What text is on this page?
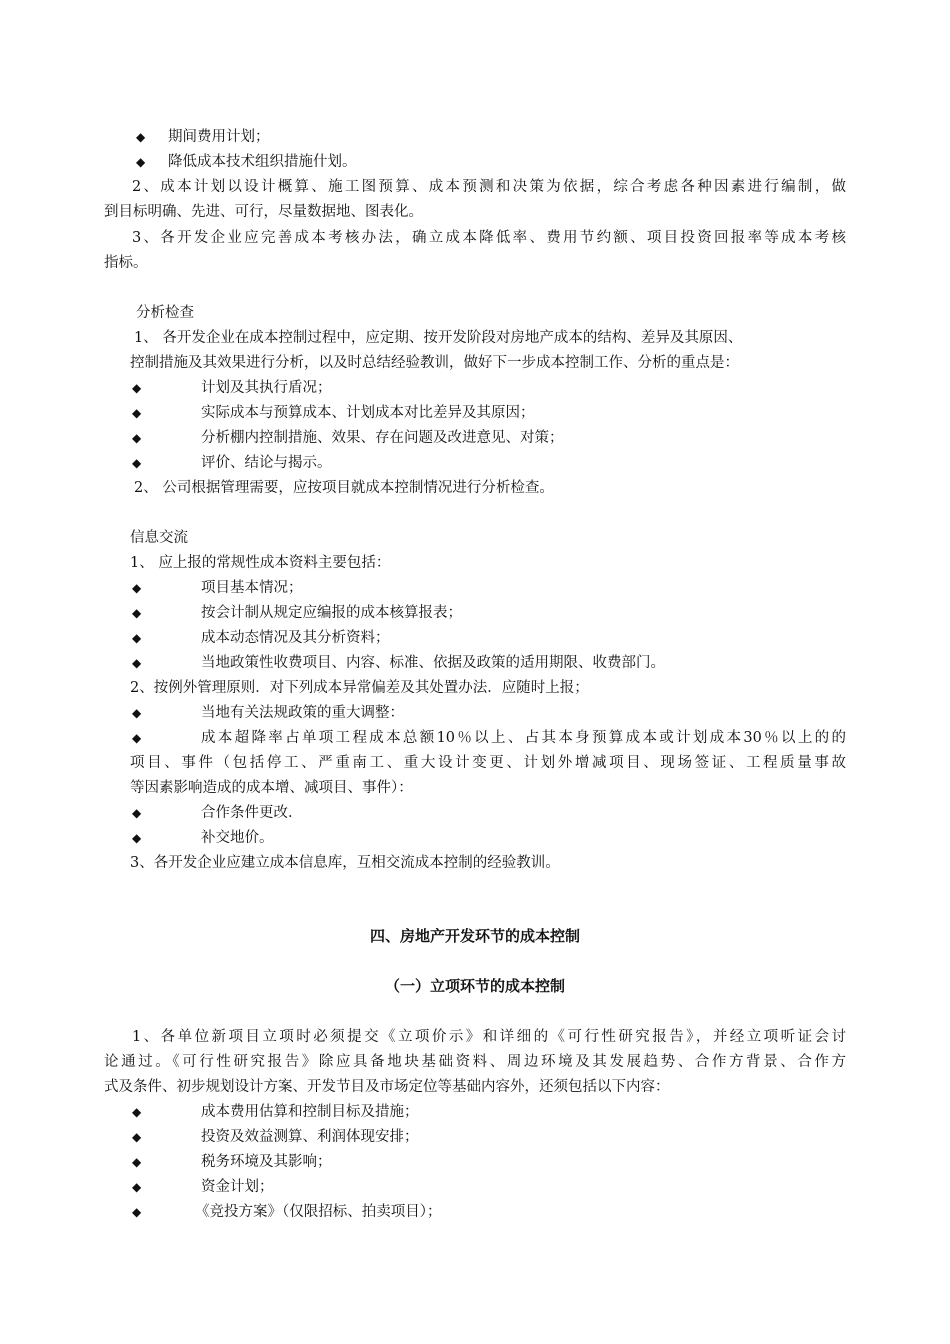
◆ 期间费用计划；
◆ 降低成本技术组织措施什划。
2、成本计划以设计概算、施工图预算、成本预测和决策为依据，综合考虑各种因素进行编制，做
到目标明确、先进、可行，尽量数据地、图表化。
3、各开发企业应完善成本考核办法，确立成本降低率、费用节约额、项目投资回报率等成本考核
指标。
分析检查
1、 各开发企业在成本控制过程中，应定期、按开发阶段对房地产成本的结构、差异及其原因、
控制措施及其效果进行分析，以及时总结经验教训，做好下一步成本控制工作、分析的重点是：
◆	计划及其执行盾况；
◆	实际成本与预算成本、计划成本对比差异及其原因；
◆	分析棚内控制措施、效果、存在问题及改进意见、对策；
◆	评价、结论与揭示。
2、 公司根据管理需要，应按项目就成本控制情况进行分析检查。
信息交流
1、 应上报的常规性成本资料主要包括：
◆	项目基本情况；
◆	按会计制从规定应编报的成本核算报表；
◆	成本动态情况及其分析资料；
◆	当地政策性收费项目、内容、标准、依据及政策的适用期限、收费部门。
2、按例外管理原则．对下列成本异常偏差及其处置办法．应随时上报；
◆	当地有关法规政策的重大调整：
◆	成本超降率占单项工程成本总额10％以上、占其本身预算成本或计划成本30％以上的的
项目、事件（包括停工、严重南工、重大设计变更、计划外增减项目、现场签证、工程质量事故
等因素影响造成的成本增、减项目、事件）：
◆	合作条件更改．
◆	补交地价。
3、各开发企业应建立成本信息库，互相交流成本控制的经验教训。
四、房地产开发环节的成本控制
（一）立项环节的成本控制
1、各单位新项目立项时必须提交《立项价示》和详细的《可行性研究报告》，并经立项听证会讨
论通过。《可行性研究报告》除应具备地块基础资料、周边环境及其发展趋势、合作方背景、合作方
式及条件、初步规划设计方案、开发节目及市场定位等基础内容外，还须包括以下内容：
◆	成本费用估算和控制目标及措施；
◆	投资及效益测算、利润体现安排；
◆	税务环境及其影响；
◆	资金计划；
◆	《竞投方案》（仅限招标、拍卖项目）；
